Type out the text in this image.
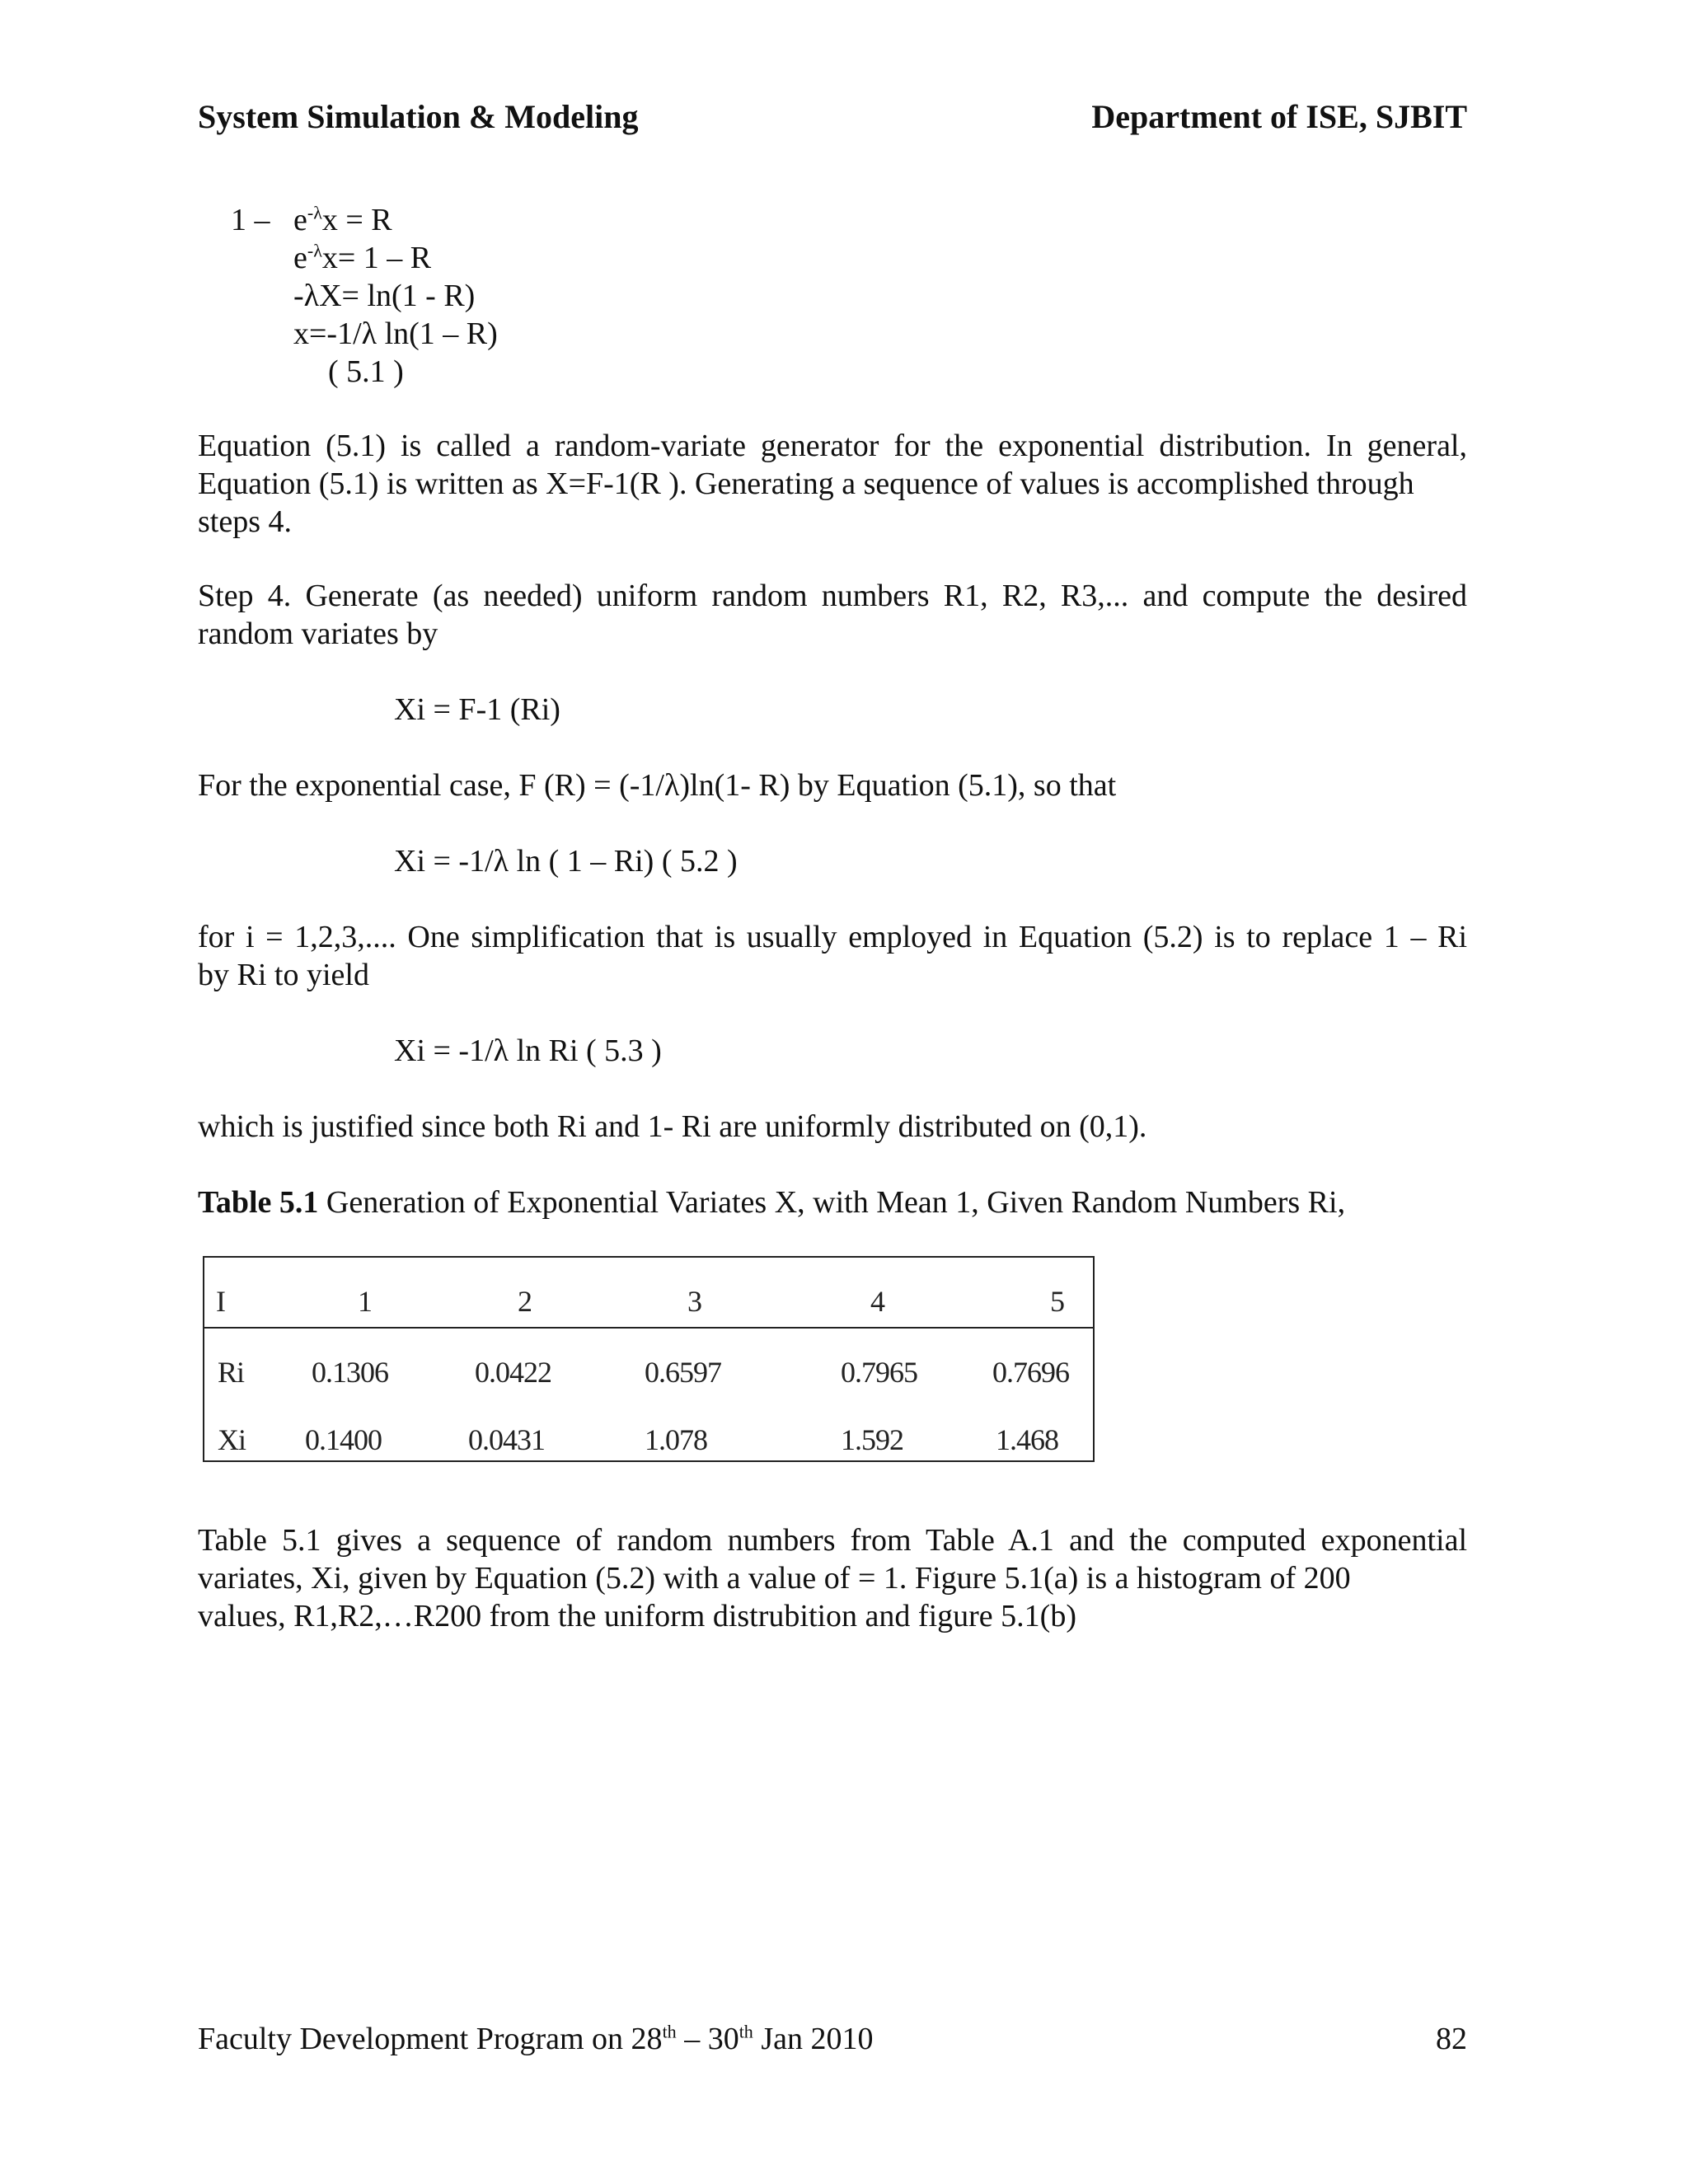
System Simulation & Modeling	Department of ISE, SJBIT
$1 - e^{-\lambda}x = R$
$e^{-\lambda}x= 1 - R$
-λX= ln(1 - R)
x=-1/λ ln(1 – R)
( 5.1 )
Equation (5.1) is called a random-variate generator for the exponential distribution. In general, Equation (5.1) is written as X=F-1(R ). Generating a sequence of values is accomplished through
steps 4.
Step 4. Generate (as needed) uniform random numbers R1, R2, R3,... and compute the desired
random variates by
Xi = F-1 (Ri)
For the exponential case, F (R) = (-1/λ)ln(1- R) by Equation (5.1), so that
Xi = -1/λ ln ( 1 – Ri) ( 5.2 )
for i = 1,2,3,.... One simplification that is usually employed in Equation (5.2) is to replace 1 – Ri
by Ri to yield
Xi = -1/λ ln Ri ( 5.3 )
which is justified since both Ri and 1- Ri are uniformly distributed on (0,1).
Table 5.1 Generation of Exponential Variates X, with Mean 1, Given Random Numbers Ri,
I	1	2	3	4	5
Ri 0.1306	0.0422	0.6597	0.7965	0.7696
Xi 0.1400	0.0431	1.078	1.592	1.468
Table 5.1 gives a sequence of random numbers from Table A.1 and the computed exponential variates, Xi, given by Equation (5.2) with a value of = 1. Figure 5.1(a) is a histogram of 200
values, R1,R2,…R200 from the uniform distrubition and figure 5.1(b)
Faculty Development Program on 28th – 30th Jan 2010	82
